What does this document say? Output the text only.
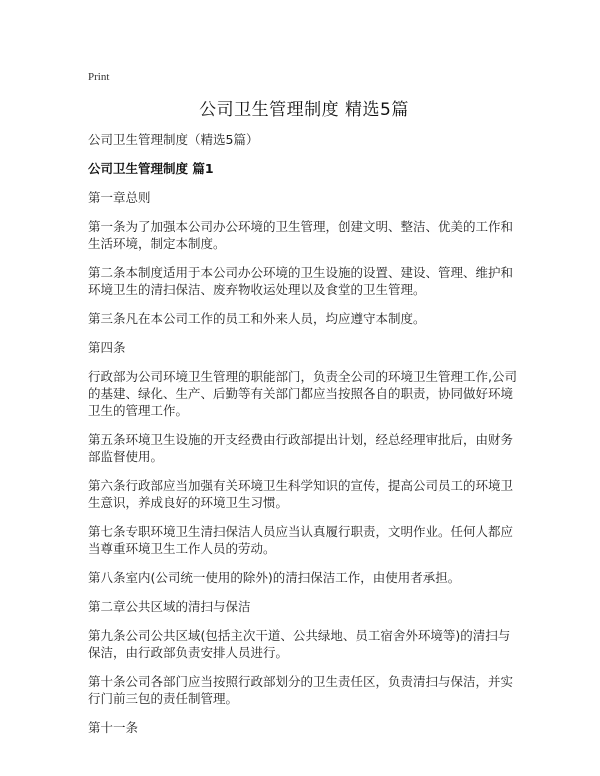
Print
公司卫生管理制度 精选5篇

公司卫生管理制度（精选5篇）

公司卫生管理制度 篇1

第一章总则

第一条为了加强本公司办公环境的卫生管理，创建文明、整洁、优美的工作和生活环境，制定本制度。

第二条本制度适用于本公司办公环境的卫生设施的设置、建设、管理、维护和环境卫生的清扫保洁、废弃物收运处理以及食堂的卫生管理。

第三条凡在本公司工作的员工和外来人员，均应遵守本制度。

第四条

行政部为公司环境卫生管理的职能部门，负责全公司的环境卫生管理工作,公司的基建、绿化、生产、后勤等有关部门都应当按照各自的职责，协同做好环境卫生的管理工作。

第五条环境卫生设施的开支经费由行政部提出计划，经总经理审批后，由财务部监督使用。

第六条行政部应当加强有关环境卫生科学知识的宣传，提高公司员工的环境卫生意识，养成良好的环境卫生习惯。

第七条专职环境卫生清扫保洁人员应当认真履行职责，文明作业。任何人都应当尊重环境卫生工作人员的劳动。

第八条室内(公司统一使用的除外)的清扫保洁工作，由使用者承担。

第二章公共区域的清扫与保洁

第九条公司公共区域(包括主次干道、公共绿地、员工宿舍外环境等)的清扫与保洁，由行政部负责安排人员进行。

第十条公司各部门应当按照行政部划分的卫生责任区，负责清扫与保洁，并实行门前三包的责任制管理。

第十一条
